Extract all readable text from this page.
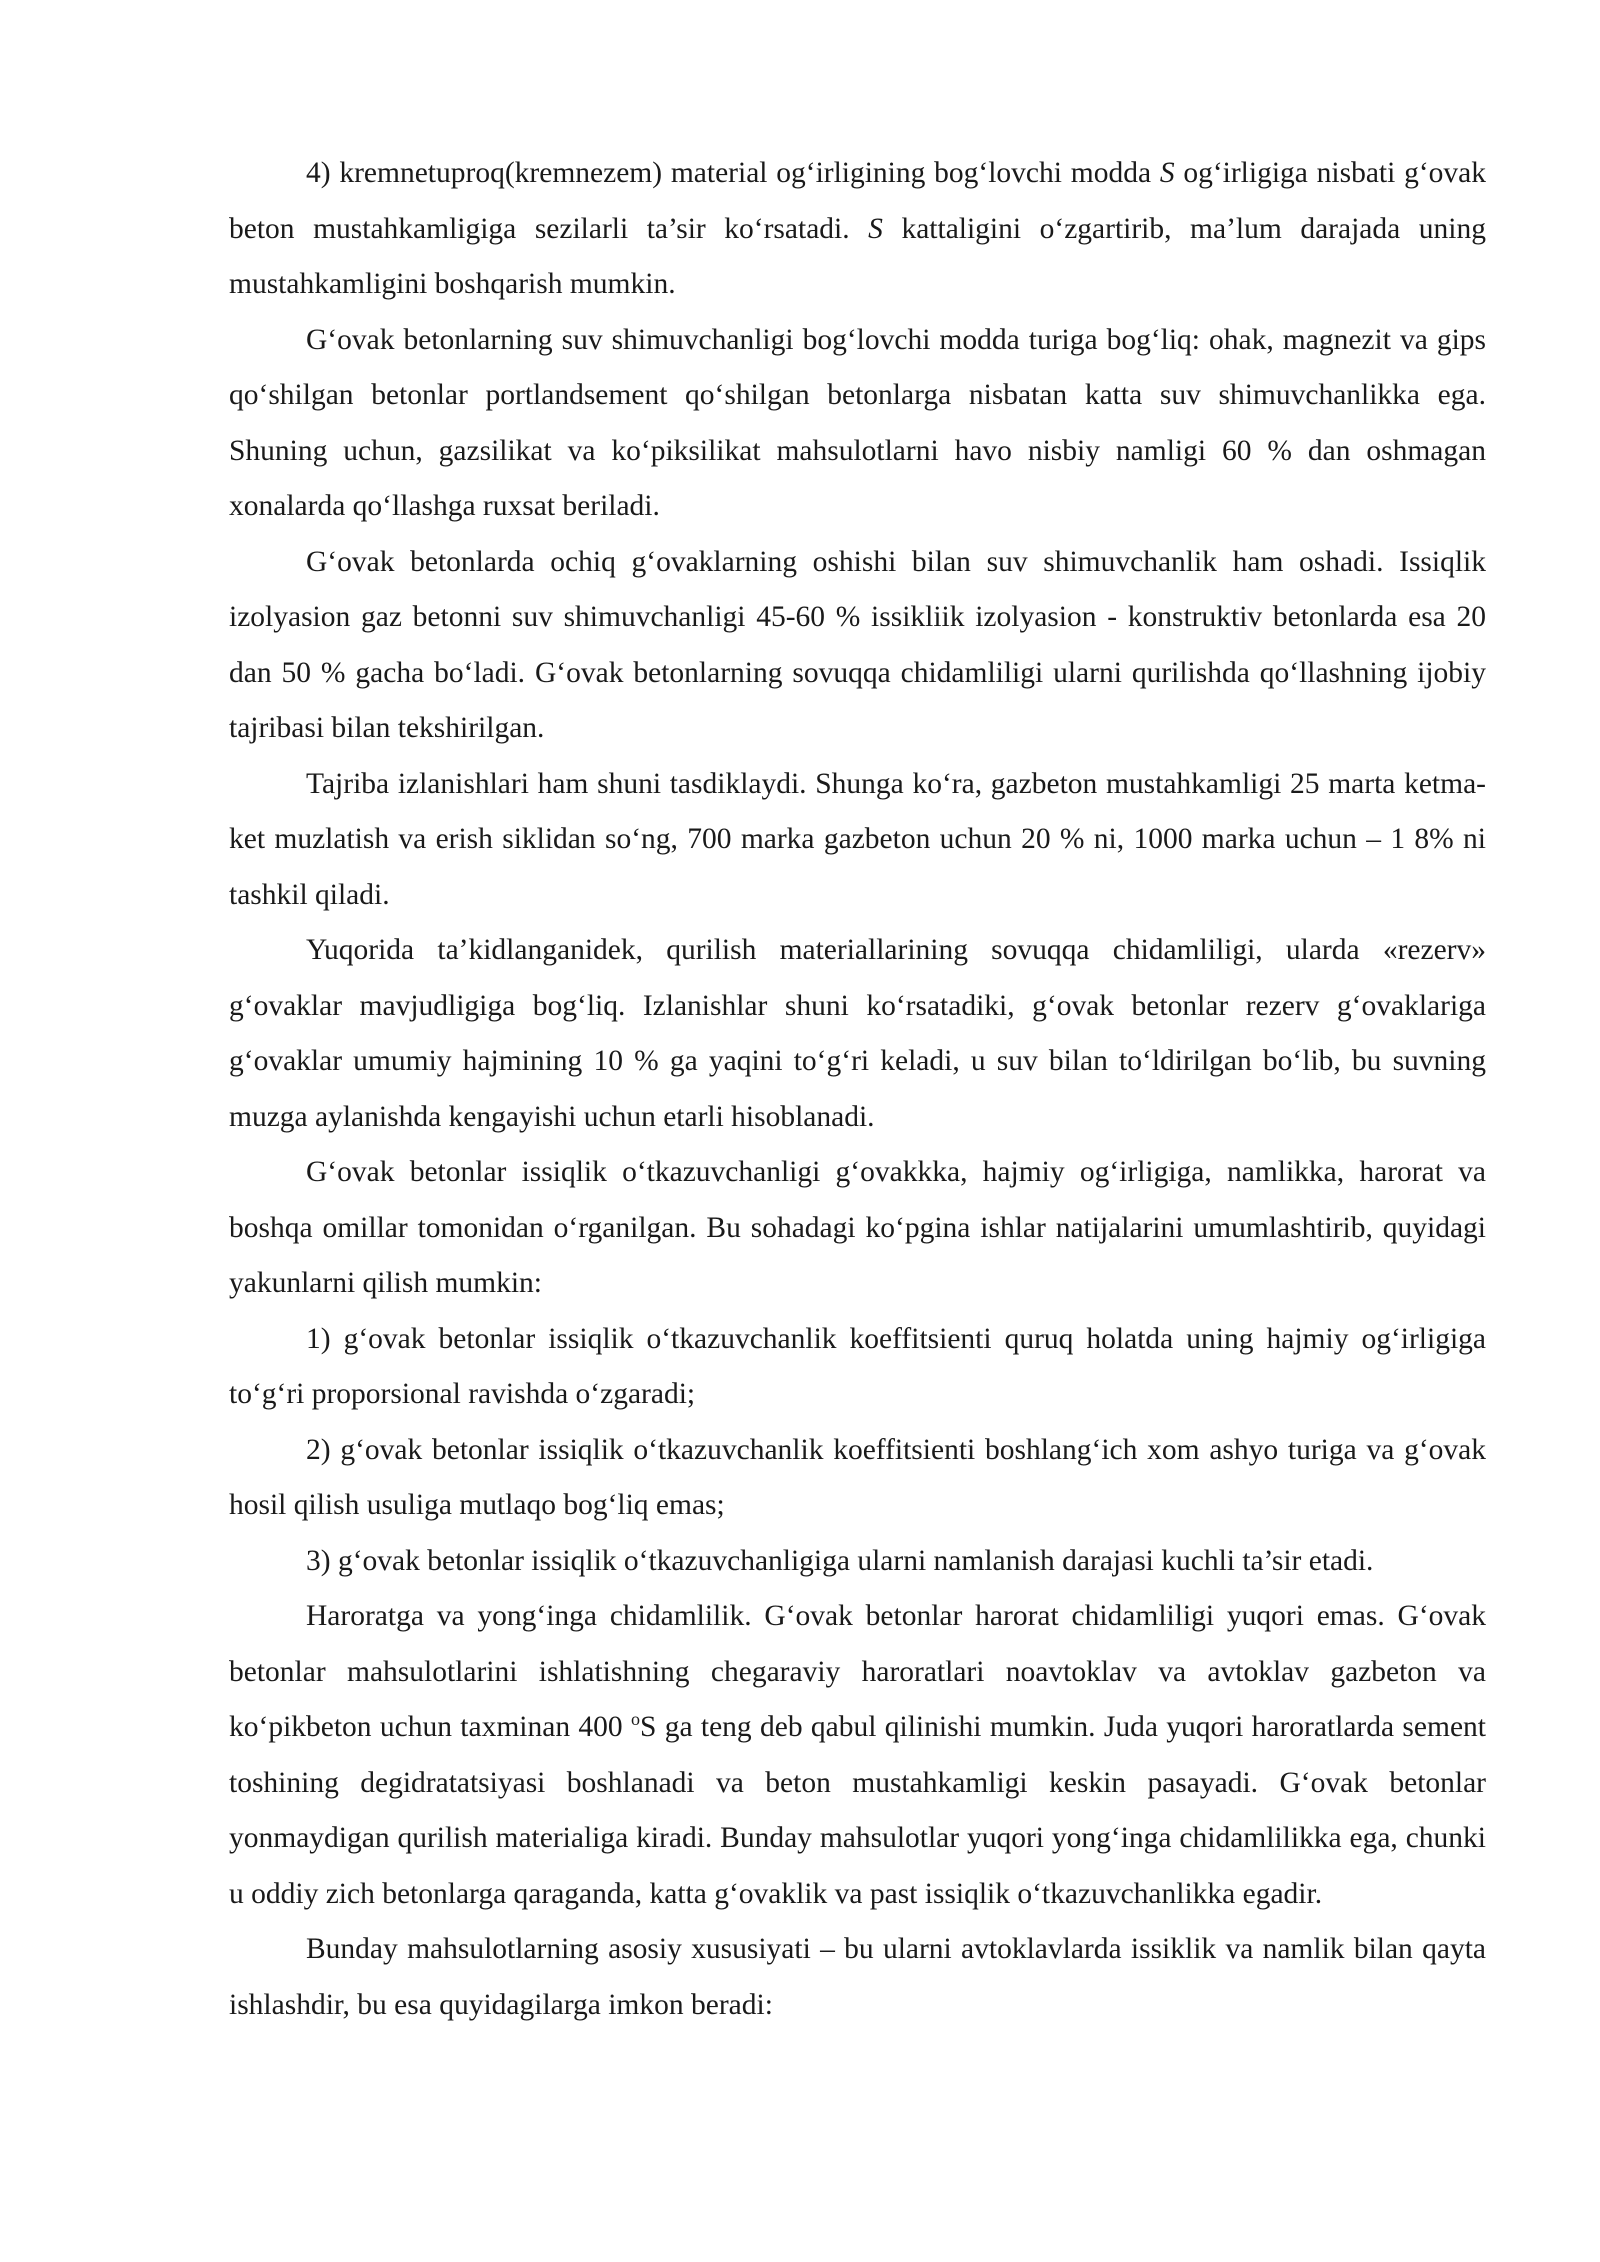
4) kremnetuproq(kremnezem) material og‘irligining bog‘lovchi modda S og‘irligiga nisbati g‘ovak beton mustahkamligiga sezilarli ta’sir ko‘rsatadi. S kattaligini o‘zgartirib, ma’lum darajada uning mustahkamligini boshqarish mumkin.

G‘ovak betonlarning suv shimuvchanligi bog‘lovchi modda turiga bog‘liq: ohak, magnezit va gips qo‘shilgan betonlar portlandsement qo‘shilgan betonlarga nisbatan katta suv shimuvchanlikka ega. Shuning uchun, gazsilikat va ko‘piksilikat mahsulotlarni havo nisbiy namligi 60 % dan oshmagan xonalarda qo‘llashga ruxsat beriladi.

G‘ovak betonlarda ochiq g‘ovaklarning oshishi bilan suv shimuvchanlik ham oshadi. Issiqlik izolyasion gaz betonni suv shimuvchanligi 45-60 % issikliik izolyasion - konstruktiv betonlarda esa 20 dan 50 % gacha bo‘ladi. G‘ovak betonlarning sovuqqa chidamliligi ularni qurilishda qo‘llashning ijobiy tajribasi bilan tekshirilgan.

Tajriba izlanishlari ham shuni tasdiklaydi. Shunga ko‘ra, gazbeton mustahkamligi 25 marta ketma-ket muzlatish va erish siklidan so‘ng, 700 marka gazbeton uchun 20 % ni, 1000 marka uchun – 1 8% ni tashkil qiladi.

Yuqorida ta’kidlanganidek, qurilish materiallarining sovuqqa chidamliligi, ularda «rezerv» g‘ovaklar mavjudligiga bog‘liq. Izlanishlar shuni ko‘rsatadiki, g‘ovak betonlar rezerv g‘ovaklariga g‘ovaklar umumiy hajmining 10 % ga yaqini to‘g‘ri keladi, u suv bilan to‘ldirilgan bo‘lib, bu suvning muzga aylanishda kengayishi uchun etarli hisoblanadi.

G‘ovak betonlar issiqlik o‘tkazuvchanligi g‘ovakkka, hajmiy og‘irligiga, namlikka, harorat va boshqa omillar tomonidan o‘rganilgan. Bu sohadagi ko‘pgina ishlar natijalarini umumlashtirib, quyidagi yakunlarni qilish mumkin:

1) g‘ovak betonlar issiqlik o‘tkazuvchanlik koeffitsienti quruq holatda uning hajmiy og‘irligiga to‘g‘ri proporsional ravishda o‘zgaradi;

2) g‘ovak betonlar issiqlik o‘tkazuvchanlik koeffitsienti boshlang‘ich xom ashyo turiga va g‘ovak hosil qilish usuliga mutlaqo bog‘liq emas;

3) g‘ovak betonlar issiqlik o‘tkazuvchanligiga ularni namlanish darajasi kuchli ta’sir etadi.

Haroratga va yong‘inga chidamlilik. G‘ovak betonlar harorat chidamliligi yuqori emas. G‘ovak betonlar mahsulotlarini ishlatishning chegaraviy haroratlari noavtoklav va avtoklav gazbeton va ko‘pikbeton uchun taxminan 400 $^o$S ga teng deb qabul qilinishi mumkin. Juda yuqori haroratlarda sement toshining degidratatsiyasi boshlanadi va beton mustahkamligi keskin pasayadi. G‘ovak betonlar yonmaydigan qurilish materialiga kiradi. Bunday mahsulotlar yuqori yong‘inga chidamlilikka ega, chunki u oddiy zich betonlarga qaraganda, katta g‘ovaklik va past issiqlik o‘tkazuvchanlikka egadir.

Bunday mahsulotlarning asosiy xususiyati – bu ularni avtoklavlarda issiklik va namlik bilan qayta ishlashdir, bu esa quyidagilarga imkon beradi:
